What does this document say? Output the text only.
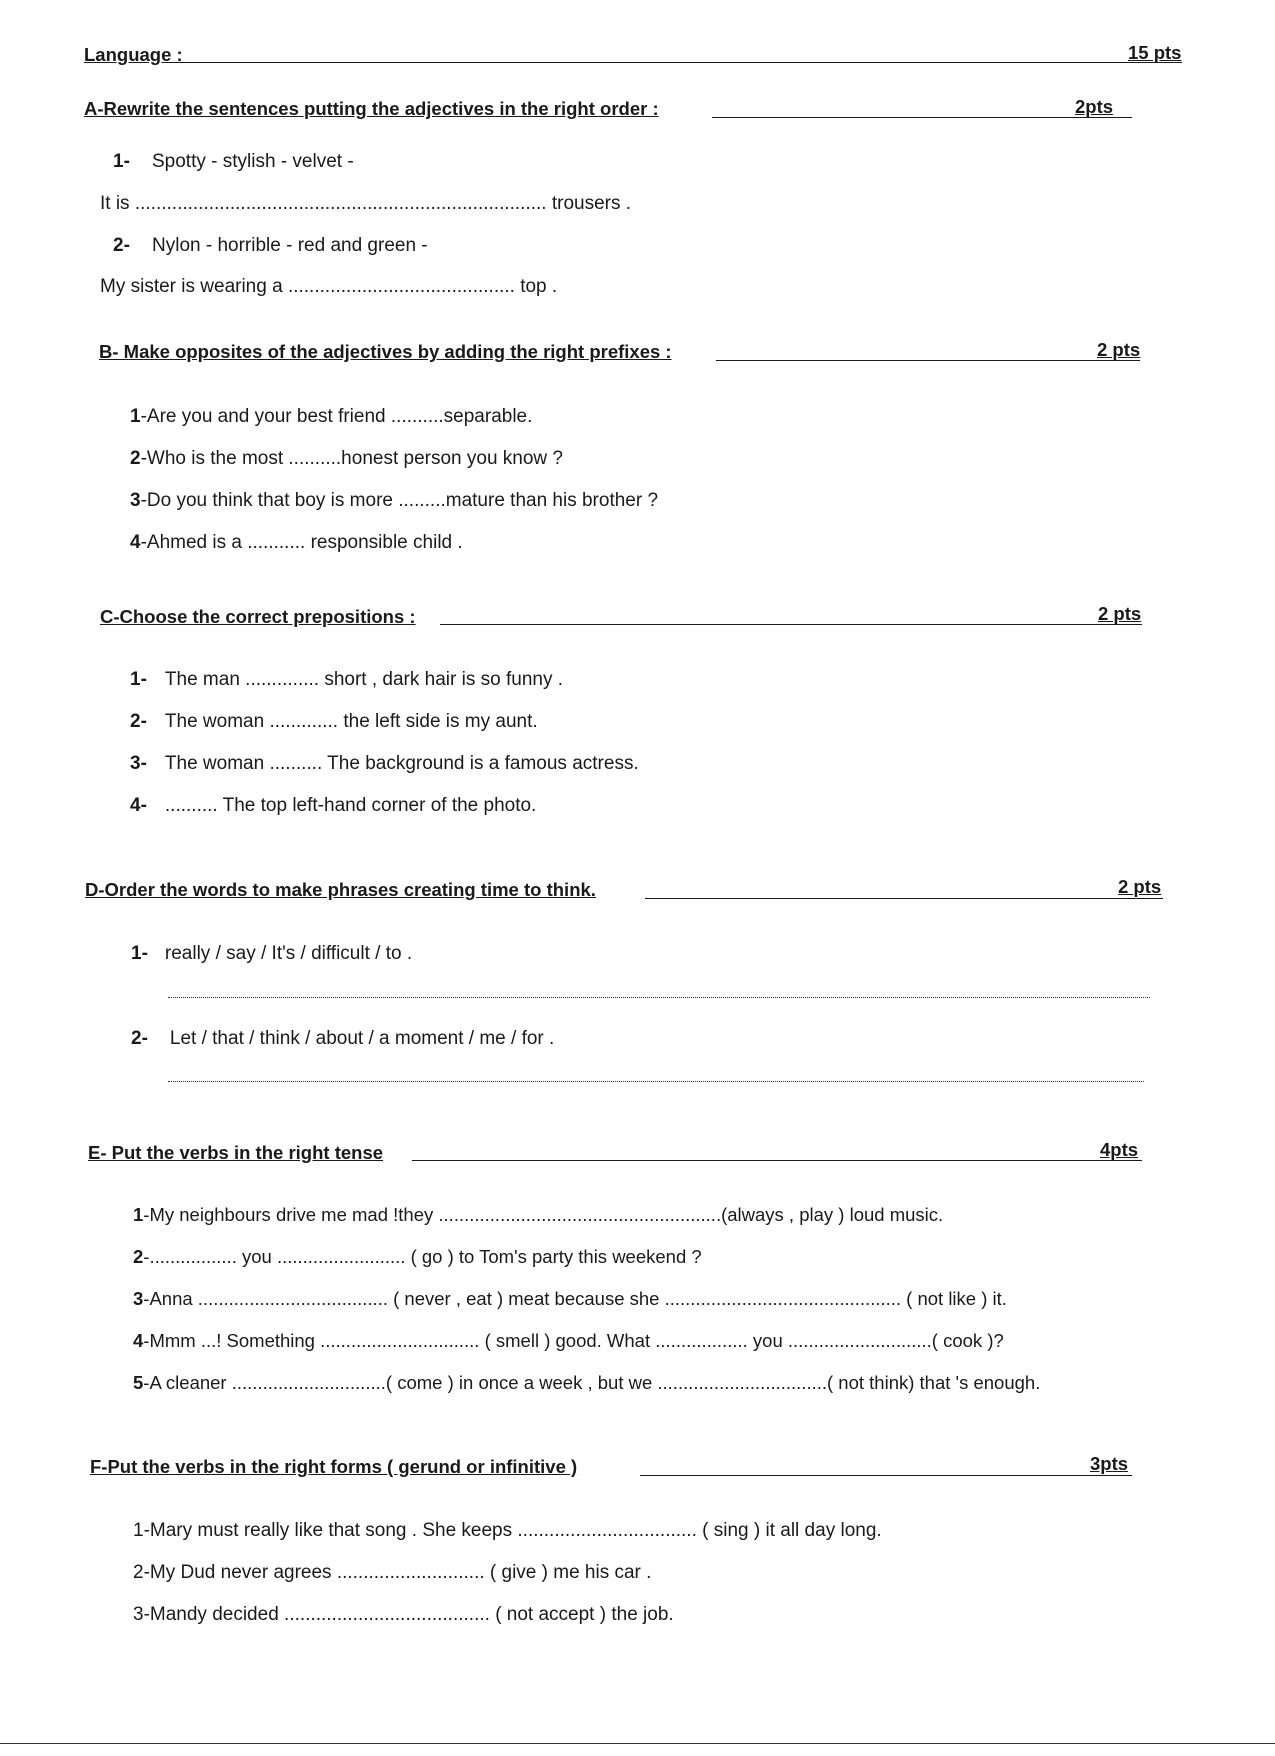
Language :	15 pts
A-Rewrite the sentences putting the adjectives in the right order :	2pts
1- Spotty - stylish - velvet -
It is .............................................................................. trousers .
2- Nylon - horrible - red and green -
My sister is wearing a ........................................... top .
B- Make opposites of the adjectives by adding the right prefixes :	2 pts
1-Are you and your best friend ..........separable.
2-Who is the most ..........honest person you know ?
3-Do you think that boy is more .........mature than his brother ?
4-Ahmed is a ........... responsible child .
C-Choose the correct prepositions :	2 pts
1- The man .............. short , dark hair is so funny .
2- The woman ............. the left side is my aunt.
3- The woman .......... The background is a famous actress.
4- .......... The top left-hand corner of the photo.
D-Order the words to make phrases creating time to think.	2 pts
1- really / say / It's / difficult / to .
2- Let / that / think / about / a moment / me / for .
E- Put the verbs in the right tense	4pts
1-My neighbours drive me mad !they .......................................................(always , play ) loud music.
2-................. you ......................... ( go ) to Tom's party this weekend ?
3-Anna ..................................... ( never , eat ) meat because she .............................................. ( not like ) it.
4-Mmm ...! Something ............................... ( smell ) good. What .................. you ............................( cook )?
5-A cleaner ..............................( come ) in once a week , but we .................................( not think) that 's enough.
F-Put the verbs in the right forms ( gerund or infinitive )	3pts
1-Mary must really like that song . She keeps .................................. ( sing ) it all day long.
2-My Dud never agrees ............................ ( give ) me his car .
3-Mandy decided ....................................... ( not accept ) the job.
